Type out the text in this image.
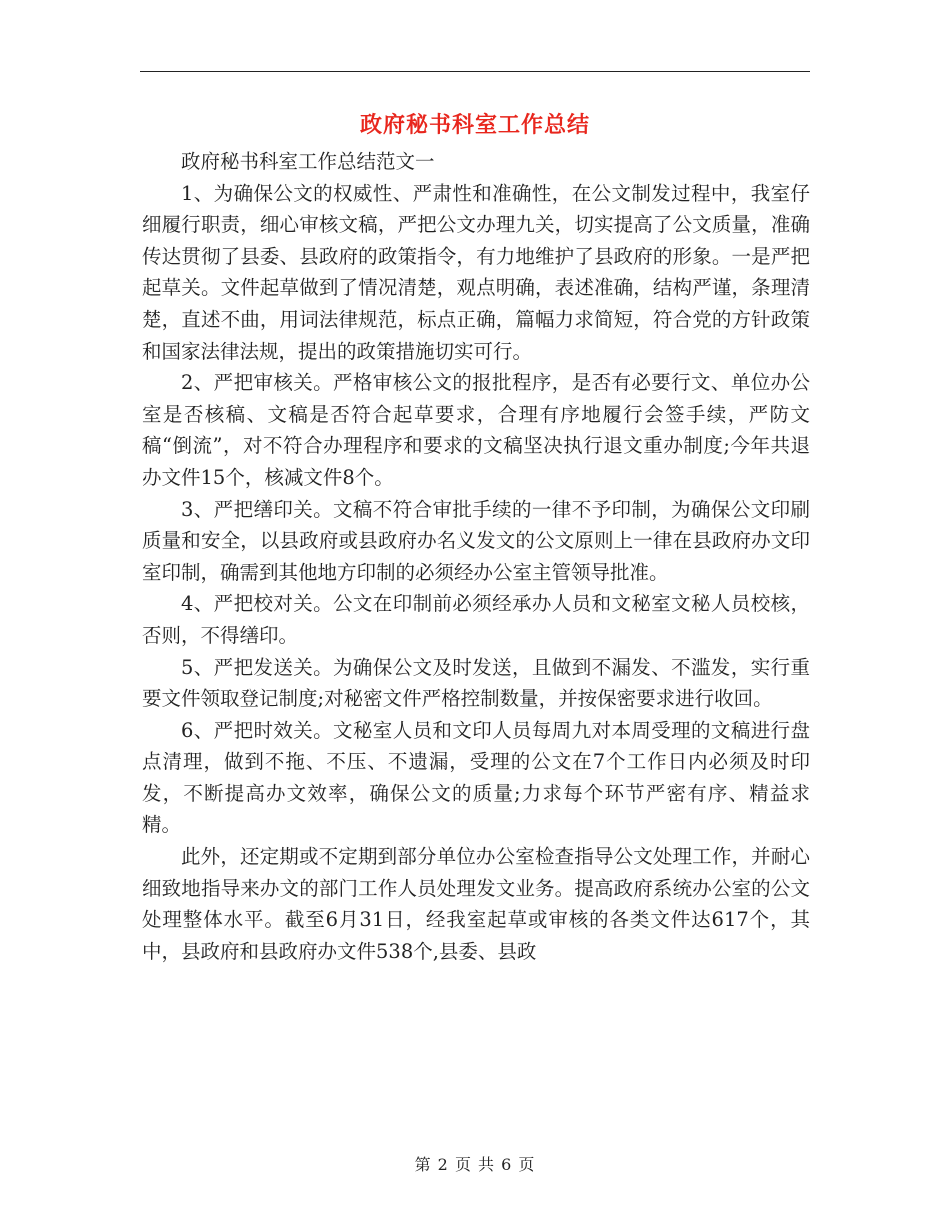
政府秘书科室工作总结

政府秘书科室工作总结范文一

1、为确保公文的权威性、严肃性和准确性，在公文制发过程中，我室仔细履行职责，细心审核文稿，严把公文办理九关，切实提高了公文质量，准确传达贯彻了县委、县政府的政策指令，有力地维护了县政府的形象。一是严把起草关。文件起草做到了情况清楚，观点明确，表述准确，结构严谨，条理清楚，直述不曲，用词法律规范，标点正确，篇幅力求简短，符合党的方针政策和国家法律法规，提出的政策措施切实可行。

2、严把审核关。严格审核公文的报批程序，是否有必要行文、单位办公室是否核稿、文稿是否符合起草要求，合理有序地履行会签手续，严防文稿“倒流”，对不符合办理程序和要求的文稿坚决执行退文重办制度;今年共退办文件15个，核减文件8个。

3、严把缮印关。文稿不符合审批手续的一律不予印制，为确保公文印刷质量和安全，以县政府或县政府办名义发文的公文原则上一律在县政府办文印室印制，确需到其他地方印制的必须经办公室主管领导批准。

4、严把校对关。公文在印制前必须经承办人员和文秘室文秘人员校核，否则，不得缮印。

5、严把发送关。为确保公文及时发送，且做到不漏发、不滥发，实行重要文件领取登记制度;对秘密文件严格控制数量，并按保密要求进行收回。

6、严把时效关。文秘室人员和文印人员每周九对本周受理的文稿进行盘点清理，做到不拖、不压、不遗漏，受理的公文在7个工作日内必须及时印发，不断提高办文效率，确保公文的质量;力求每个环节严密有序、精益求精。

此外，还定期或不定期到部分单位办公室检查指导公文处理工作，并耐心细致地指导来办文的部门工作人员处理发文业务。提高政府系统办公室的公文处理整体水平。截至6月31日，经我室起草或审核的各类文件达617个，其中，县政府和县政府办文件538个,县委、县政

第 2 页 共 6 页
